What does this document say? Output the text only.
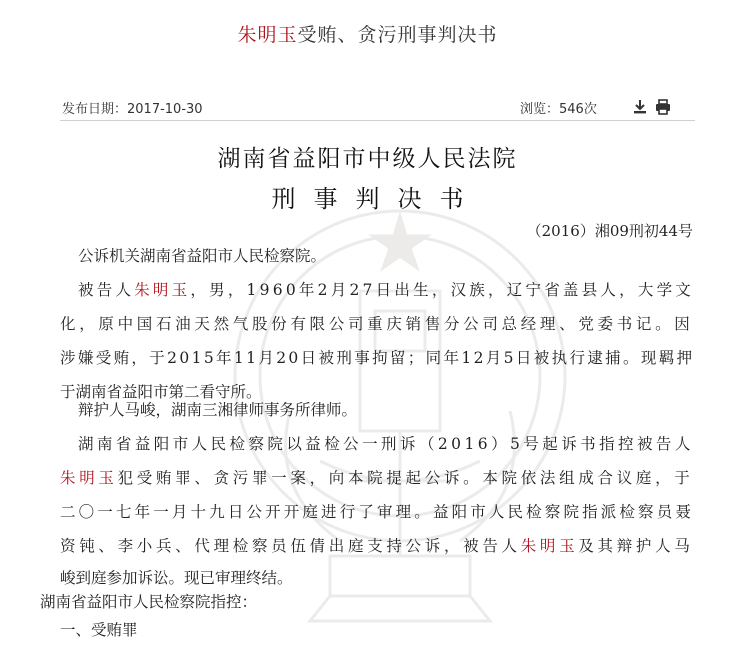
朱明玉受贿、贪污刑事判决书
发布日期：2017-10-30	浏览：546次
湖南省益阳市中级人民法院
刑事判决书
（2016）湘09刑初44号
公诉机关湖南省益阳市人民检察院。
被告人朱明玉，男，1960年2月27日出生，汉族，辽宁省盖县人，大学文
化，原中国石油天然气股份有限公司重庆销售分公司总经理、党委书记。因
涉嫌受贿，于2015年11月20日被刑事拘留；同年12月5日被执行逮捕。现羁押
于湖南省益阳市第二看守所。
辩护人马峻，湖南三湘律师事务所律师。
湖南省益阳市人民检察院以益检公一刑诉（2016）5号起诉书指控被告人
朱明玉犯受贿罪、贪污罪一案，向本院提起公诉。本院依法组成合议庭，于
二〇一七年一月十九日公开开庭进行了审理。益阳市人民检察院指派检察员聂
资钝、李小兵、代理检察员伍倩出庭支持公诉，被告人朱明玉及其辩护人马
峻到庭参加诉讼。现已审理终结。
湖南省益阳市人民检察院指控：
一、受贿罪
